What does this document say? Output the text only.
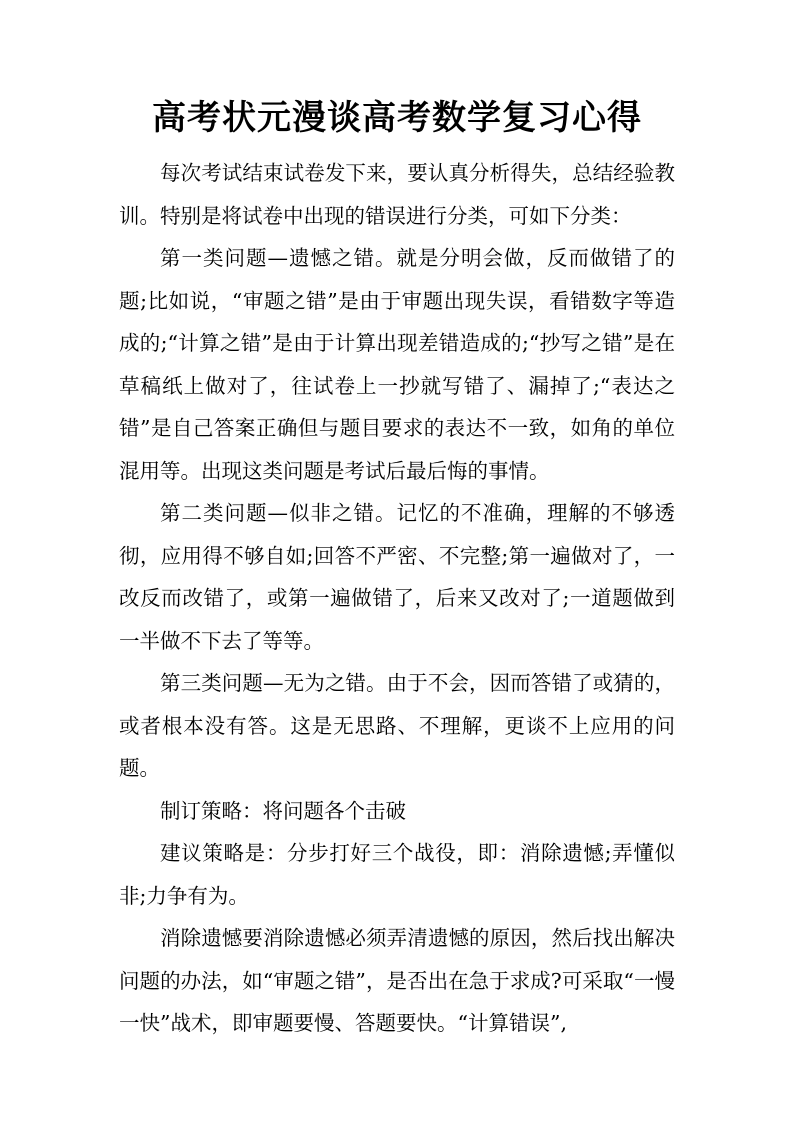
高考状元漫谈高考数学复习心得

每次考试结束试卷发下来，要认真分析得失，总结经验教训。特别是将试卷中出现的错误进行分类，可如下分类：

第一类问题—遗憾之错。就是分明会做，反而做错了的题;比如说，“审题之错”是由于审题出现失误，看错数字等造成的;“计算之错”是由于计算出现差错造成的;“抄写之错”是在草稿纸上做对了，往试卷上一抄就写错了、漏掉了;“表达之错”是自己答案正确但与题目要求的表达不一致，如角的单位混用等。出现这类问题是考试后最后悔的事情。

第二类问题—似非之错。记忆的不准确，理解的不够透彻，应用得不够自如;回答不严密、不完整;第一遍做对了，一改反而改错了，或第一遍做错了，后来又改对了;一道题做到一半做不下去了等等。

第三类问题—无为之错。由于不会，因而答错了或猜的，或者根本没有答。这是无思路、不理解，更谈不上应用的问题。

制订策略：将问题各个击破

建议策略是：分步打好三个战役，即：消除遗憾;弄懂似非;力争有为。

消除遗憾要消除遗憾必须弄清遗憾的原因，然后找出解决问题的办法，如“审题之错”，是否出在急于求成?可采取“一慢一快”战术，即审题要慢、答题要快。“计算错误”,
